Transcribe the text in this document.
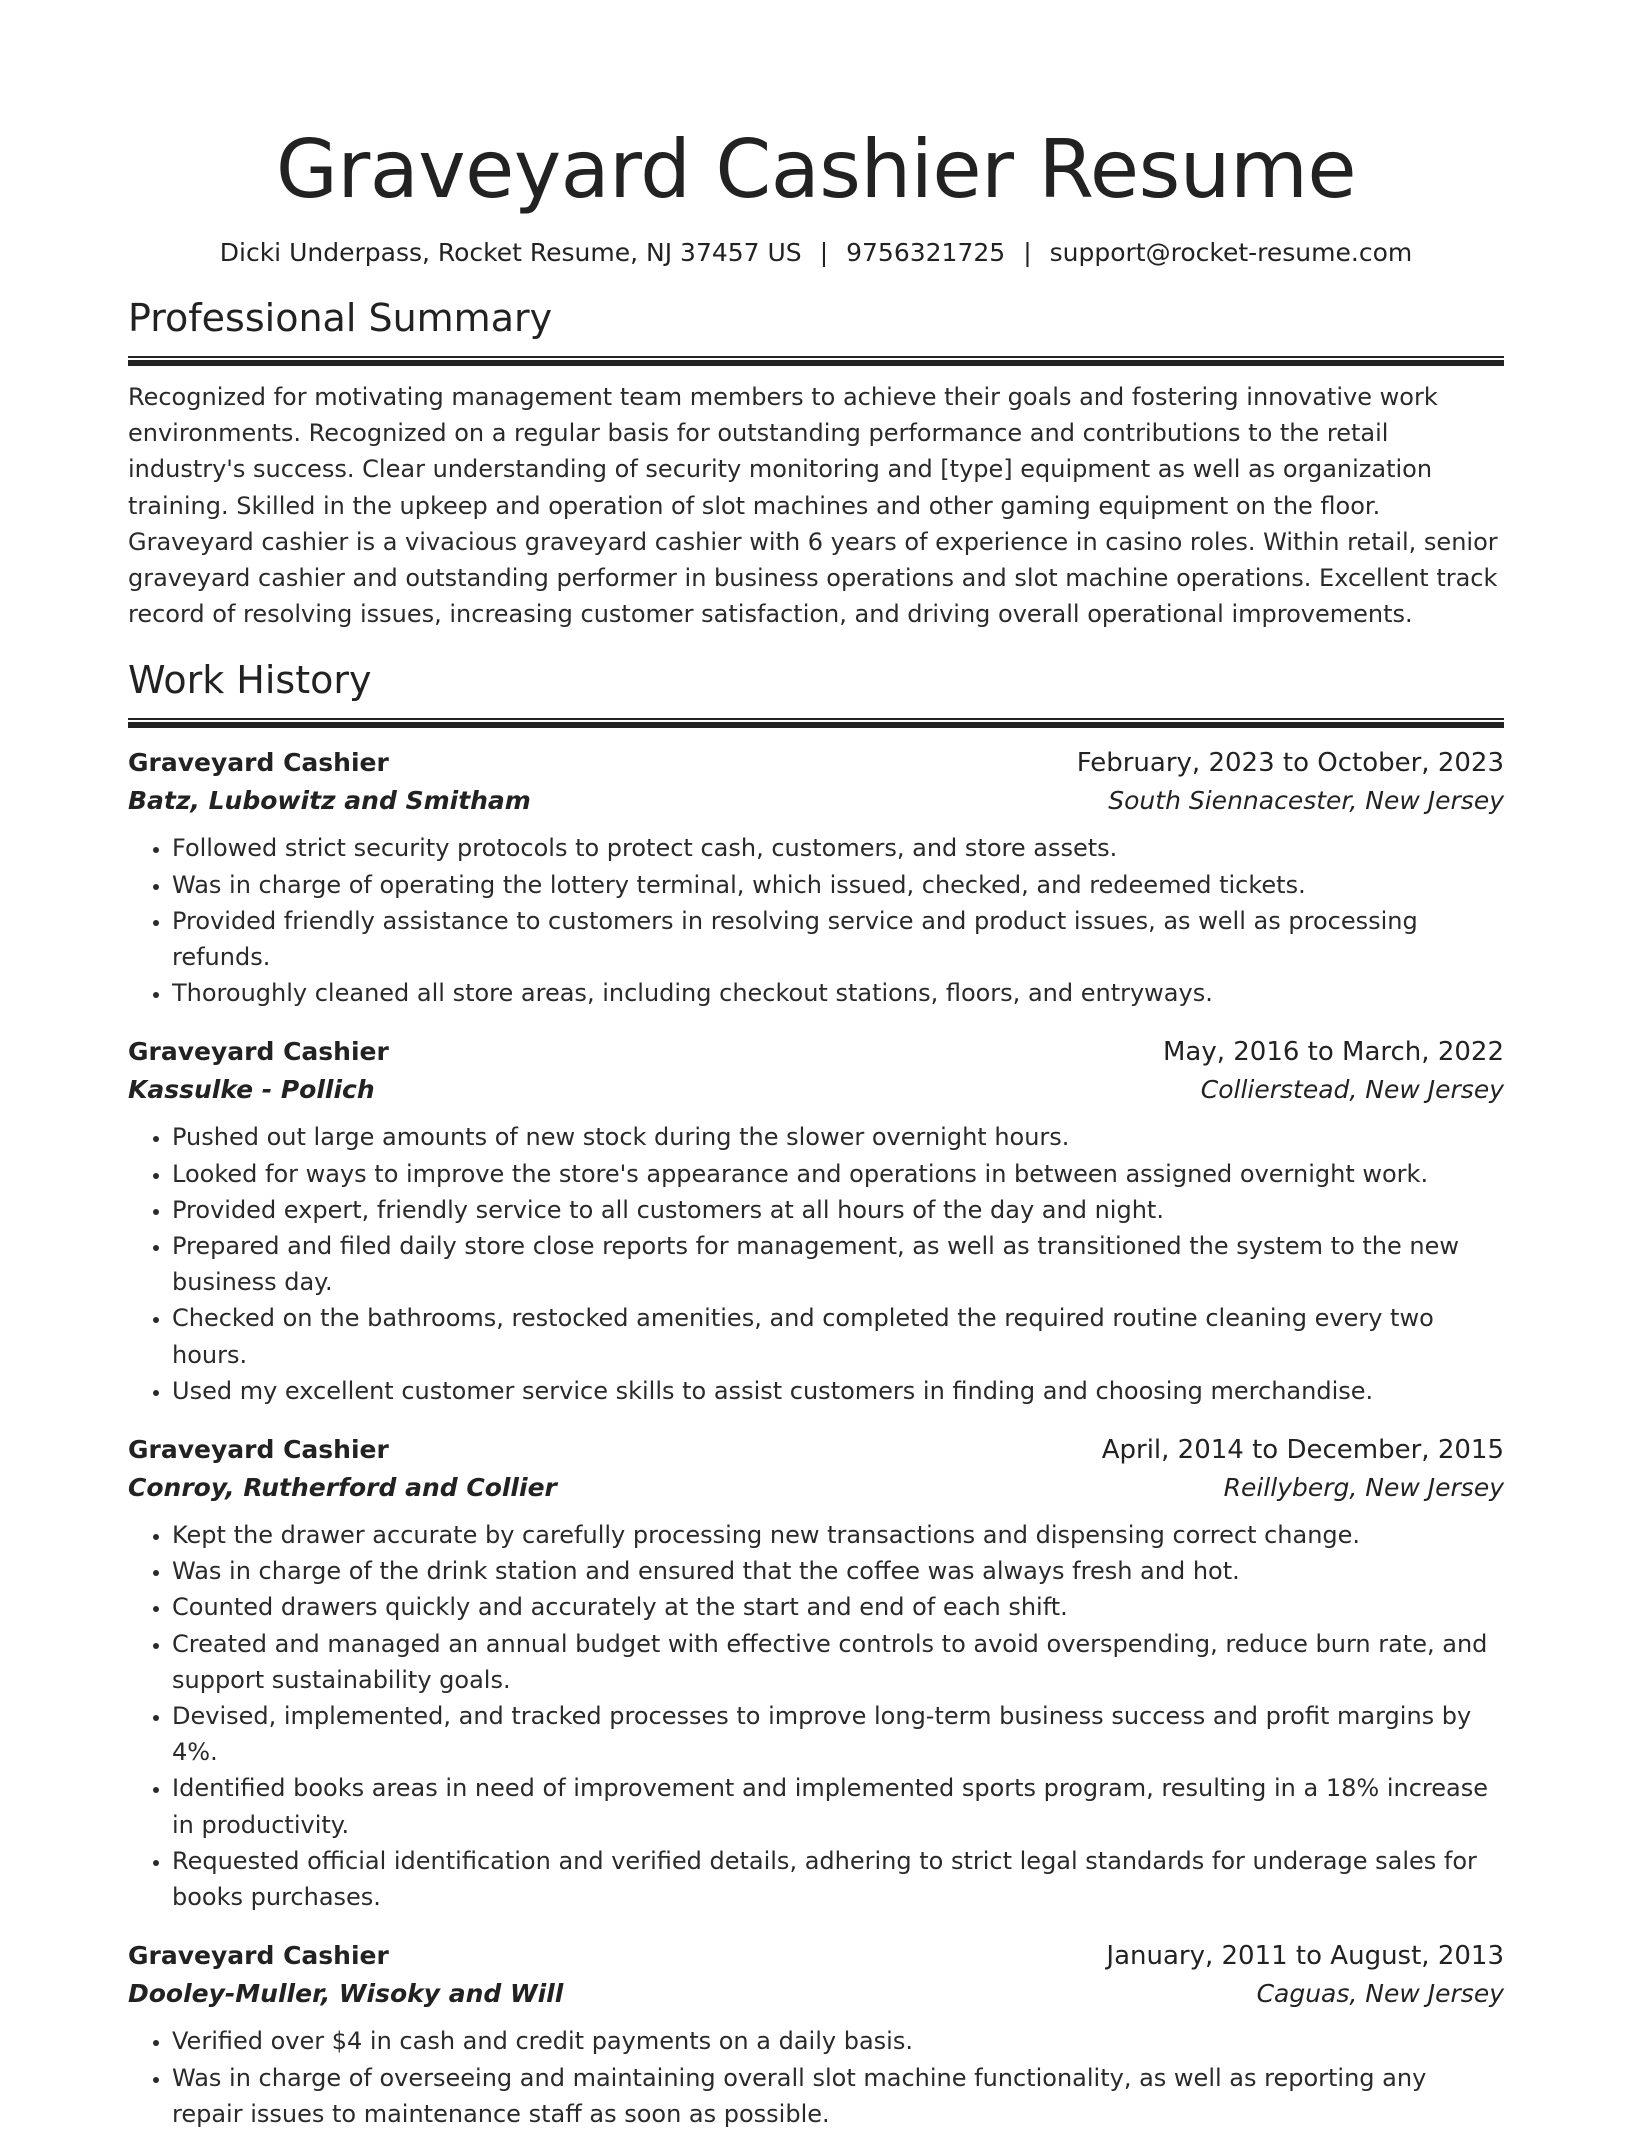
Graveyard Cashier Resume
Dicki Underpass, Rocket Resume, NJ 37457 US | 9756321725 | support@rocket-resume.com
Professional Summary

Recognized for motivating management team members to achieve their goals and fostering innovative work environments. Recognized on a regular basis for outstanding performance and contributions to the retail industry's success. Clear understanding of security monitoring and [type] equipment as well as organization training. Skilled in the upkeep and operation of slot machines and other gaming equipment on the floor. Graveyard cashier is a vivacious graveyard cashier with 6 years of experience in casino roles. Within retail, senior graveyard cashier and outstanding performer in business operations and slot machine operations. Excellent track record of resolving issues, increasing customer satisfaction, and driving overall operational improvements.

Work History
Graveyard Cashier	February, 2023 to October, 2023
Batz, Lubowitz and Smitham	South Siennacester, New Jersey
• Followed strict security protocols to protect cash, customers, and store assets.
• Was in charge of operating the lottery terminal, which issued, checked, and redeemed tickets.
• Provided friendly assistance to customers in resolving service and product issues, as well as processing refunds.
• Thoroughly cleaned all store areas, including checkout stations, floors, and entryways.
Graveyard Cashier	May, 2016 to March, 2022
Kassulke - Pollich	Collierstead, New Jersey
• Pushed out large amounts of new stock during the slower overnight hours.
• Looked for ways to improve the store's appearance and operations in between assigned overnight work.
• Provided expert, friendly service to all customers at all hours of the day and night.
• Prepared and filed daily store close reports for management, as well as transitioned the system to the new business day.
• Checked on the bathrooms, restocked amenities, and completed the required routine cleaning every two hours.
• Used my excellent customer service skills to assist customers in finding and choosing merchandise.
Graveyard Cashier	April, 2014 to December, 2015
Conroy, Rutherford and Collier	Reillyberg, New Jersey
• Kept the drawer accurate by carefully processing new transactions and dispensing correct change.
• Was in charge of the drink station and ensured that the coffee was always fresh and hot.
• Counted drawers quickly and accurately at the start and end of each shift.
• Created and managed an annual budget with effective controls to avoid overspending, reduce burn rate, and support sustainability goals.
• Devised, implemented, and tracked processes to improve long-term business success and profit margins by 4%.
• Identified books areas in need of improvement and implemented sports program, resulting in a 18% increase in productivity.
• Requested official identification and verified details, adhering to strict legal standards for underage sales for books purchases.
Graveyard Cashier	January, 2011 to August, 2013
Dooley-Muller, Wisoky and Will	Caguas, New Jersey
• Verified over $4 in cash and credit payments on a daily basis.
• Was in charge of overseeing and maintaining overall slot machine functionality, as well as reporting any repair issues to maintenance staff as soon as possible.
